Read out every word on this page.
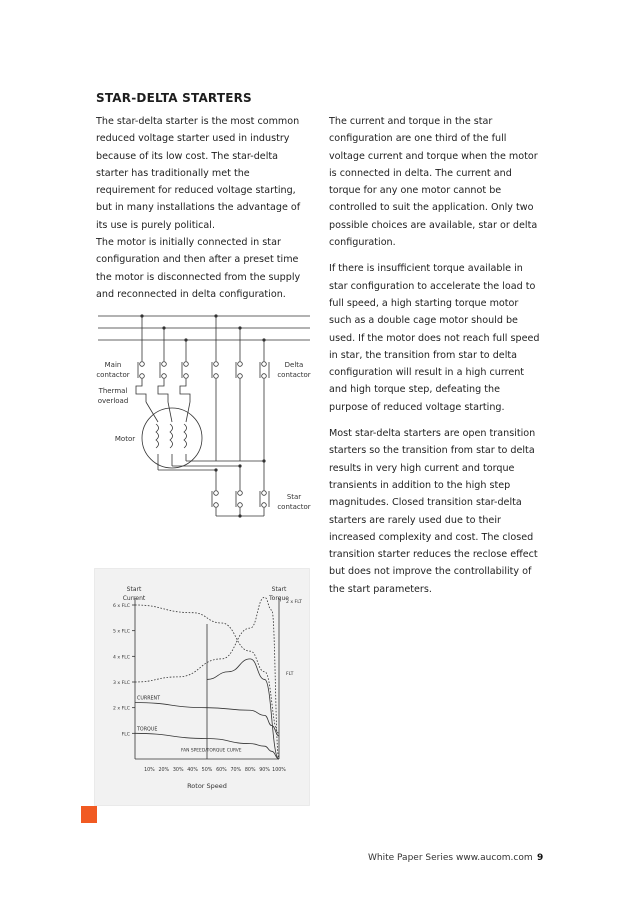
STAR-DELTA STARTERS

The star-delta starter is the most common reduced voltage starter used in industry because of its low cost. The star-delta starter has traditionally met the requirement for reduced voltage starting, but in many installations the advantage of its use is purely political.

The motor is initially connected in star configuration and then after a preset time the motor is disconnected from the supply and reconnected in delta configuration.

The current and torque in the star configuration are one third of the full voltage current and torque when the motor is connected in delta. The current and torque for any one motor cannot be controlled to suit the application. Only two possible choices are available, star or delta configuration.

If there is insufficient torque available in star configuration to accelerate the load to full speed, a high starting torque motor such as a double cage motor should be used. If the motor does not reach full speed in star, the transition from star to delta configuration will result in a high current and high torque step, defeating the purpose of reduced voltage starting.

Most star-delta starters are open transition starters so the transition from star to delta results in very high current and torque transients in addition to the high step magnitudes. Closed transition star-delta starters are rarely used due to their increased complexity and cost. The closed transition starter reduces the reclose effect but does not improve the controllability of the start parameters.

Main
contactor
Delta
contactor
Thermal
overload
Motor
Star
contactor
6 x FLC
5 x FLC
4 x FLC
3 x FLC
2 x FLC
FLC
10% 20% 30% 40% 50% 60% 70% 80% 90% 100%
Start
Current
Start
Torque
Rotor Speed
2 x FLT
FLT
CURRENT
TORQUE
FAN SPEED/TORQUE CURVE
White Paper Series www.aucom.com 9
